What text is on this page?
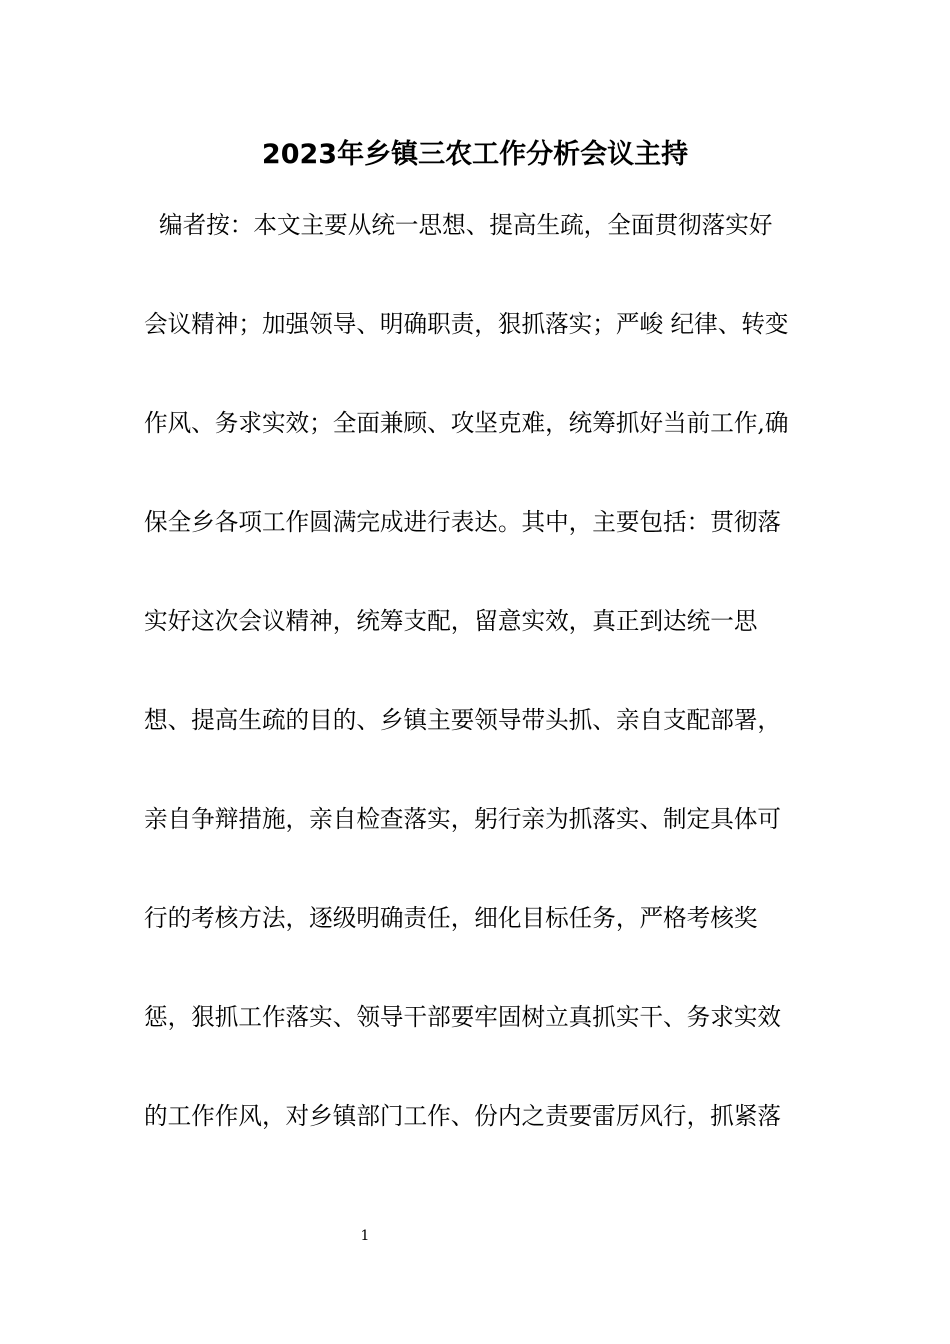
2023年乡镇三农工作分析会议主持
编者按：本文主要从统一思想、提高生疏，全面贯彻落实好
会议精神；加强领导、明确职责，狠抓落实；严峻 纪律、转变
作风、务求实效；全面兼顾、攻坚克难，统筹抓好当前工作,确
保全乡各项工作圆满完成进行表达。其中，主要包括：贯彻落
实好这次会议精神，统筹支配，留意实效，真正到达统一思
想、提高生疏的目的、乡镇主要领导带头抓、亲自支配部署，
亲自争辩措施，亲自检查落实，躬行亲为抓落实、制定具体可
行的考核方法，逐级明确责任，细化目标任务，严格考核奖
惩，狠抓工作落实、领导干部要牢固树立真抓实干、务求实效
的工作作风，对乡镇部门工作、份内之责要雷厉风行，抓紧落
1
